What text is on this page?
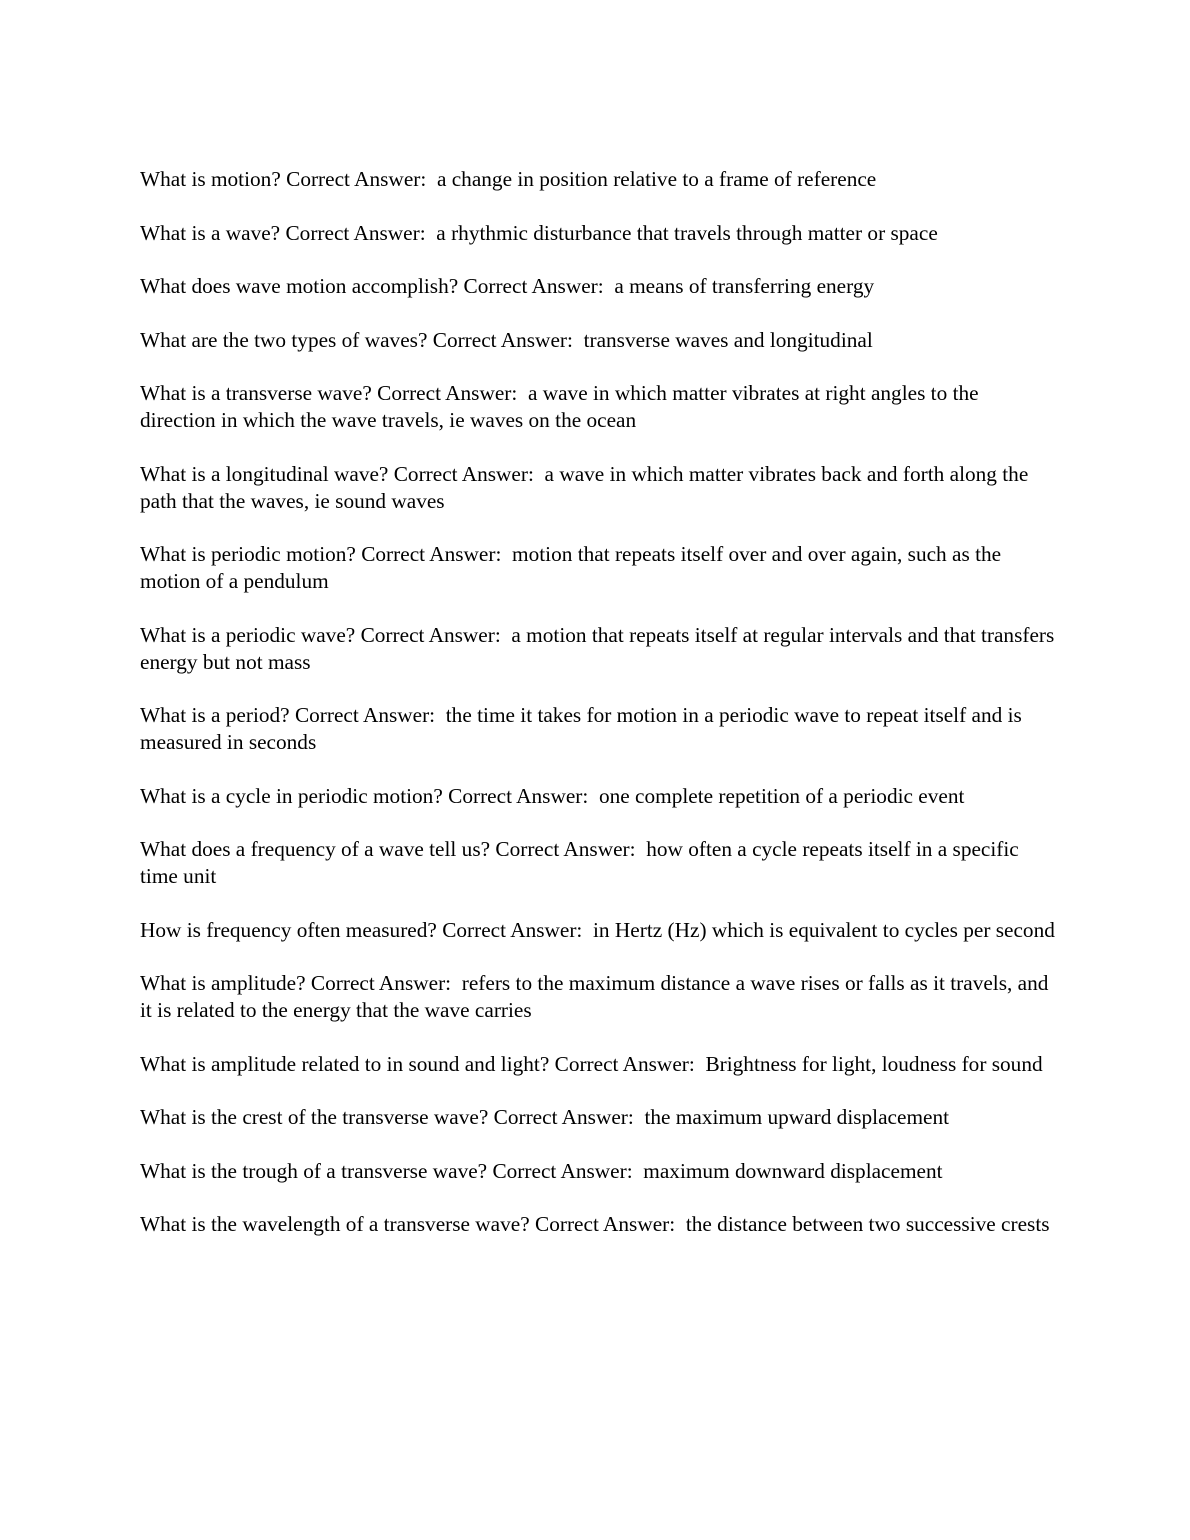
What is motion? Correct Answer: a change in position relative to a frame of reference

What is a wave? Correct Answer: a rhythmic disturbance that travels through matter or space

What does wave motion accomplish? Correct Answer: a means of transferring energy

What are the two types of waves? Correct Answer: transverse waves and longitudinal

What is a transverse wave? Correct Answer: a wave in which matter vibrates at right angles to the direction in which the wave travels, ie waves on the ocean

What is a longitudinal wave? Correct Answer: a wave in which matter vibrates back and forth along the path that the waves, ie sound waves

What is periodic motion? Correct Answer: motion that repeats itself over and over again, such as the motion of a pendulum

What is a periodic wave? Correct Answer: a motion that repeats itself at regular intervals and that transfers energy but not mass

What is a period? Correct Answer: the time it takes for motion in a periodic wave to repeat itself and is measured in seconds

What is a cycle in periodic motion? Correct Answer: one complete repetition of a periodic event

What does a frequency of a wave tell us? Correct Answer: how often a cycle repeats itself in a specific time unit

How is frequency often measured? Correct Answer: in Hertz (Hz) which is equivalent to cycles per second

What is amplitude? Correct Answer: refers to the maximum distance a wave rises or falls as it travels, and it is related to the energy that the wave carries

What is amplitude related to in sound and light? Correct Answer: Brightness for light, loudness for sound

What is the crest of the transverse wave? Correct Answer: the maximum upward displacement

What is the trough of a transverse wave? Correct Answer: maximum downward displacement

What is the wavelength of a transverse wave? Correct Answer: the distance between two successive crests
